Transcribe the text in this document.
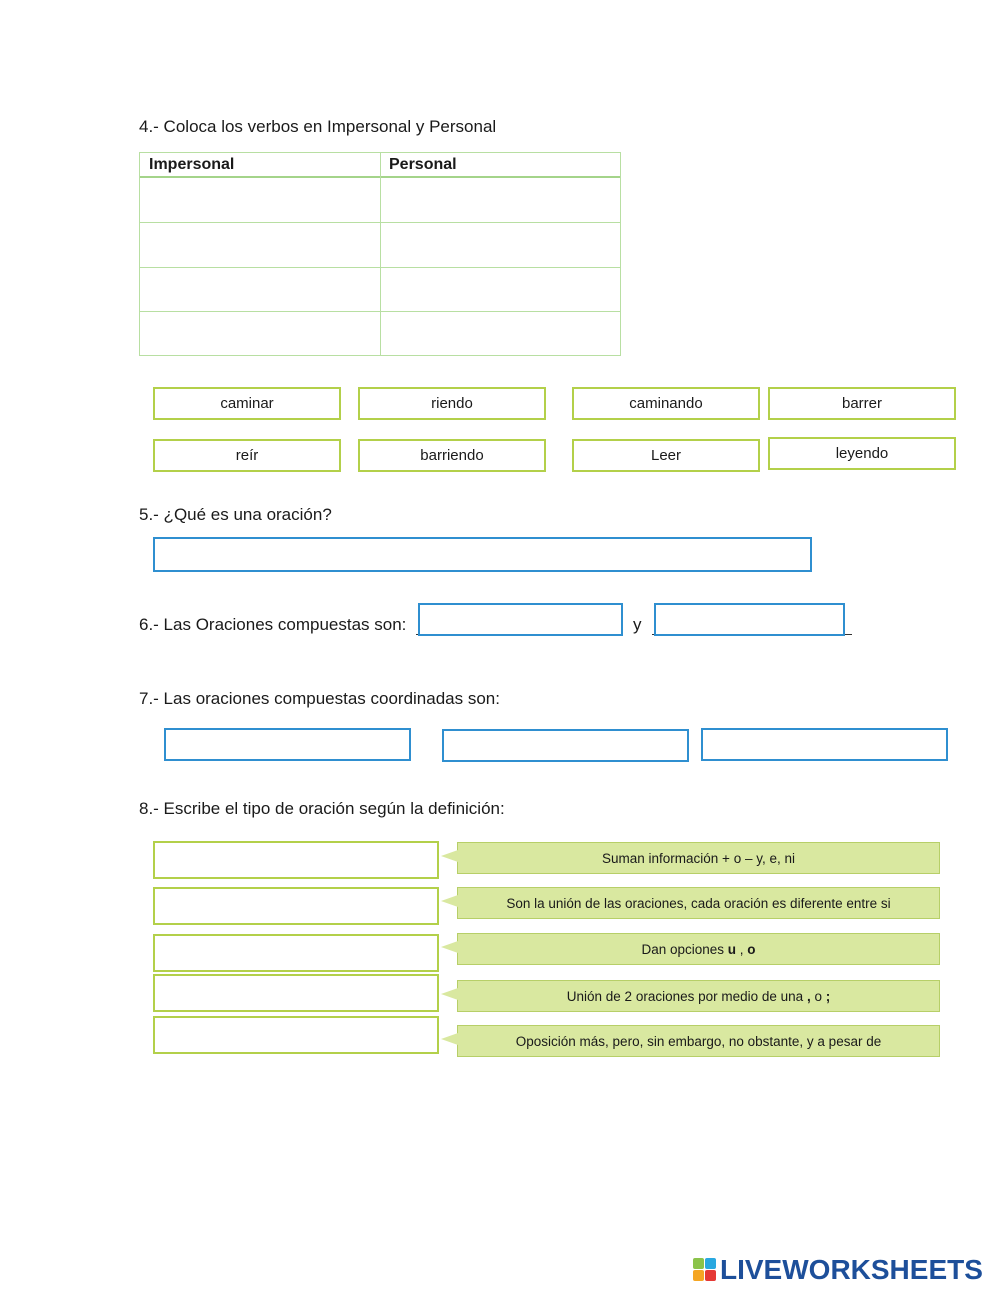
4.- Coloca los verbos en Impersonal y Personal
Impersonal	Personal
caminar	riendo	caminando	barrer
reír	barriendo	Leer	leyendo
5.- ¿Qué es una oración?
6.- Las Oraciones compuestas son:	y
7.- Las oraciones compuestas coordinadas son:
8.- Escribe el tipo de oración según la definición:
Suman información + o – y, e, ni
Son la unión de las oraciones, cada oración es diferente entre si
Dan opciones u , o
Unión de 2 oraciones por medio de una , o ;
Oposición más, pero, sin embargo, no obstante, y a pesar de
LIVEWORKSHEETS
